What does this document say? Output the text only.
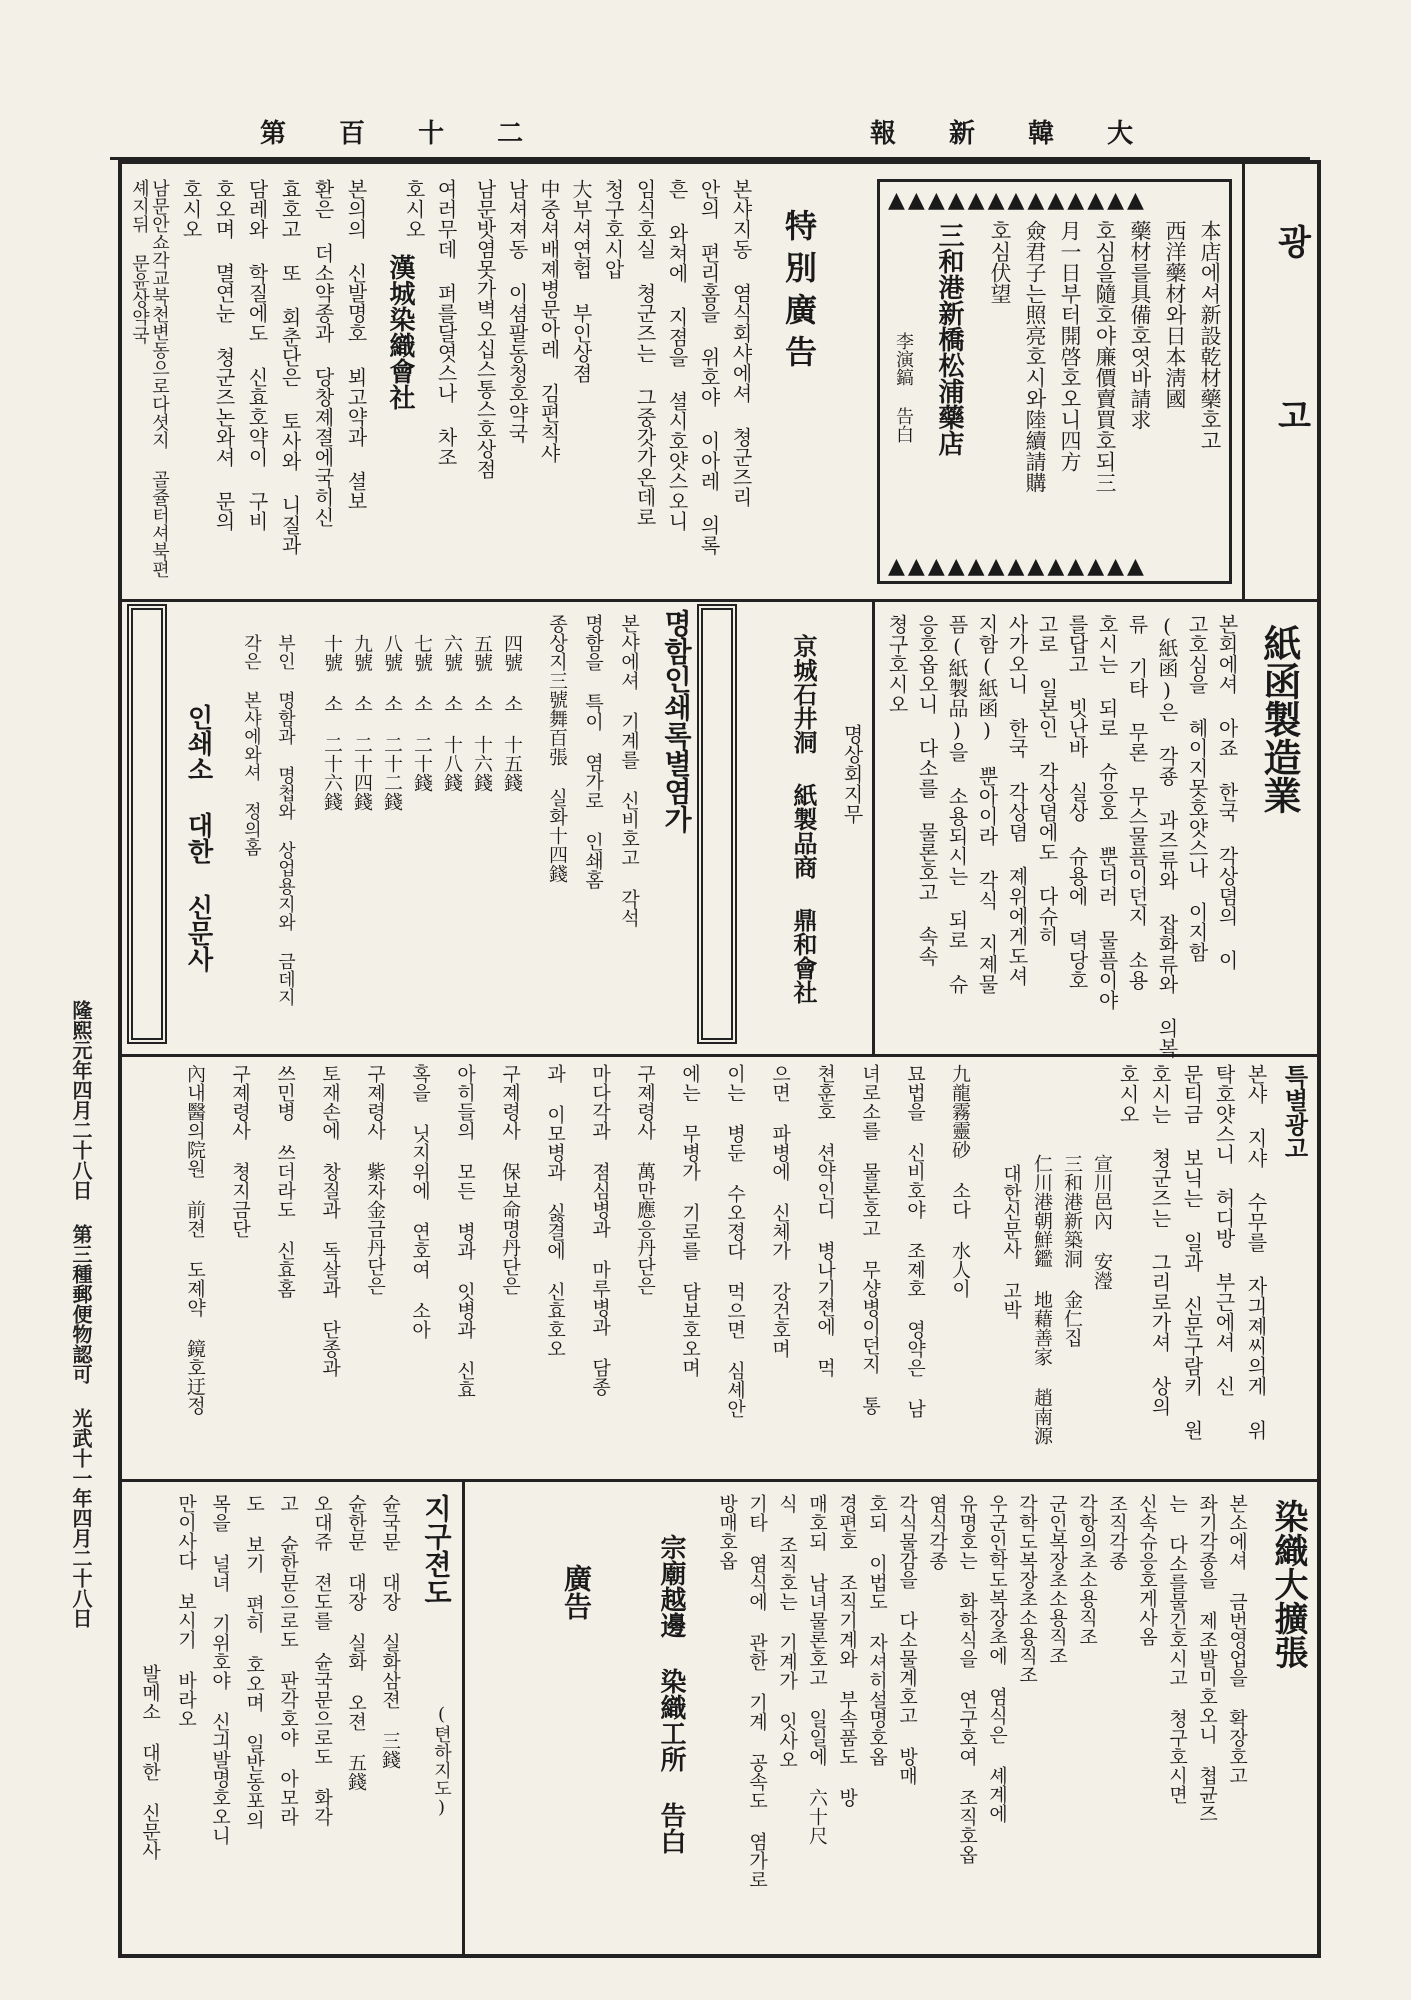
第 百 十 二	報 新 韓 大
隆熙元年四月二十八日 第三種郵便物認可 光武十一年四月二十八日
광 고
▲▲▲▲▲▲▲▲▲▲▲▲▲
▲▲▲▲▲▲▲▲▲▲▲▲▲
本店에셔新設乾材藥호고
西洋藥材와日本淸國
藥材를具備호엿바請求
호심을隨호야廉價賣買호되三
月一日부터開啓호오니四方
僉君子는照亮호시와陸續請購
호심伏望
三和港新橋松浦藥店
李演鎬 告白
特別廣告
본샤지동 염식회샤에셔 쳥군즈리
안의 편리홈을 위호야 이아레 의록
흔 와쳐에 지졈을 셜시호얏스오니
임식호실 쳥군즈는 그중갓가온데로
청구호시압
大부셔연헙 부인상졈
中중셔배졔병문아레 김편칙샤
남셔져동 이셤팔동청호약국
남문밧염못가벽오십스통스호상점
여러무데 퍼를달엿스나 차조
호시오
漢城染織會社
본의의 신발명호 뵈고약과 셜보
환은 더소약종과 당창졔졀에국히신
효호고 또 회춘단은 토사와 니질과
담레와 학질에도 신효호약이 구비
호오며 멸연눈 쳥군즈논와셔 문의
호시오
남문안쇼각교북천변동으로다셧지 골쥴터셔북편셰지뒤 문윤상약국
紙函製造業
본회에셔 아죠 한국 각상뎜의 이
고호심을 헤이지못호얏스나 이지함
(紙函)은 각죵 과즈류와 잡화류와 의복
류 기타 무론 무스물픔이던지 소용
호시는 되로 슈응호 뿐더러 물픔이야
를답고 빗난바 실상 슈용에 뎍당호
고로 일본인 각상뎜에도 다슈히
사가오니 한국 각상뎜 졔위에게도셔
지함(紙函) 뿐아이라 각식 지졔물
픔(紙製品)을 소용되시는 되로 슈
응호옵오니 다소를 물론호고 속속
쳥구호시오
명상회지무
京城石井洞 紙製品商 鼎和會社
명함인쇄록별염가
본샤에셔 기계를 신비호고 각석
명함을 특이 염가로 인쇄홈
종상지三號舞百張 실화十四錢
四號 소 十五錢
五號 소 十六錢
六號 소 十八錢
七號 소 二十錢
八號 소 二十二錢
九號 소 二十四錢
十號 소 二十六錢
부인 명함과 명첩와 상업용지와 금데지 각은 본샤에와셔 정의홈
인쇄소 대한 신문사
특별광고
본샤 지샤 수무를 자긔졔씨의게 위
탁호얏스니 허디방 부근에셔 신
문티금 보닉는 일과 신문구람키 원
호시는 쳥군즈는 그리로가셔 상의
호시오
宣川邑內 安瀅
三和港新築洞 金仁집
仁川港朝鮮鑑 地藉善家 趙南源
대한신문사 고박
九龍霧靈砂 소다 水人이
묘법을 신비호야 조졔호 영약은 남
녀로소를 물론호고 무샹병이던지 통
쳔훈호 션약인디 병나기젼에 먹
으면 파병에 신체가 강건호며
이는 병둔 수오졍다 먹으면 심셰안
에는 무병가 기로를 담보호오며
구졔령사 萬만應응丹단은
마다각과 졈심병과 마루병과 담종
과 이모병과 싫결에 신효호오
구졔령사 保보命명丹단은
아히들의 모든 병과 잇병과 신효
혹을 닛지위에 연호여 소아
구졔령사 紫자金금丹단은
토재손에 창질과 독살과 단종과
쓰민병 쓰더라도 신효홈
구졔령사 쳥지금단
內내醫의院원 前젼 도졔약 鏡호迂정
染織大擴張
본소에셔 금번영업을 확장호고
좌기각종을 제조발미호오니 쳡균즈
는 다소를물긴호시고 쳥구호시면
신속슈응호게사옴
조직각종
각항의초소용직조
군인복장초소용직조
각학도복장초소용직조
우군인학도복장초에 염식은 셰계에
유명호는 화학식을 연구호여 조직호옵
염식각종
각식물감을 다소물계호고 방매
호되 이법도 자셔히설명호옵
경편호 조직기계와 부속품도 방
매호되 남녀물론호고 일일에 六十尺
식 조직호는 기계가 잇사오
기타 염식에 관한 기계 공속도 염가로
방매호옵
宗廟越邊 染織工所 告白
廣告
지구젼도
(텬하지도)
슌국문 대장 실화삼젼 三錢
슌한문 대장 실화 오젼 五錢
오대쥬 젼도를 슌국문으로도 화각
고 슌한문으로도 판각호야 아모라
도 보기 편히 호오며 일반동포의
목을 널녀 기위호야 신긔발명호오니
만이사다 보시기 바라오
발메소 대한 신문사
